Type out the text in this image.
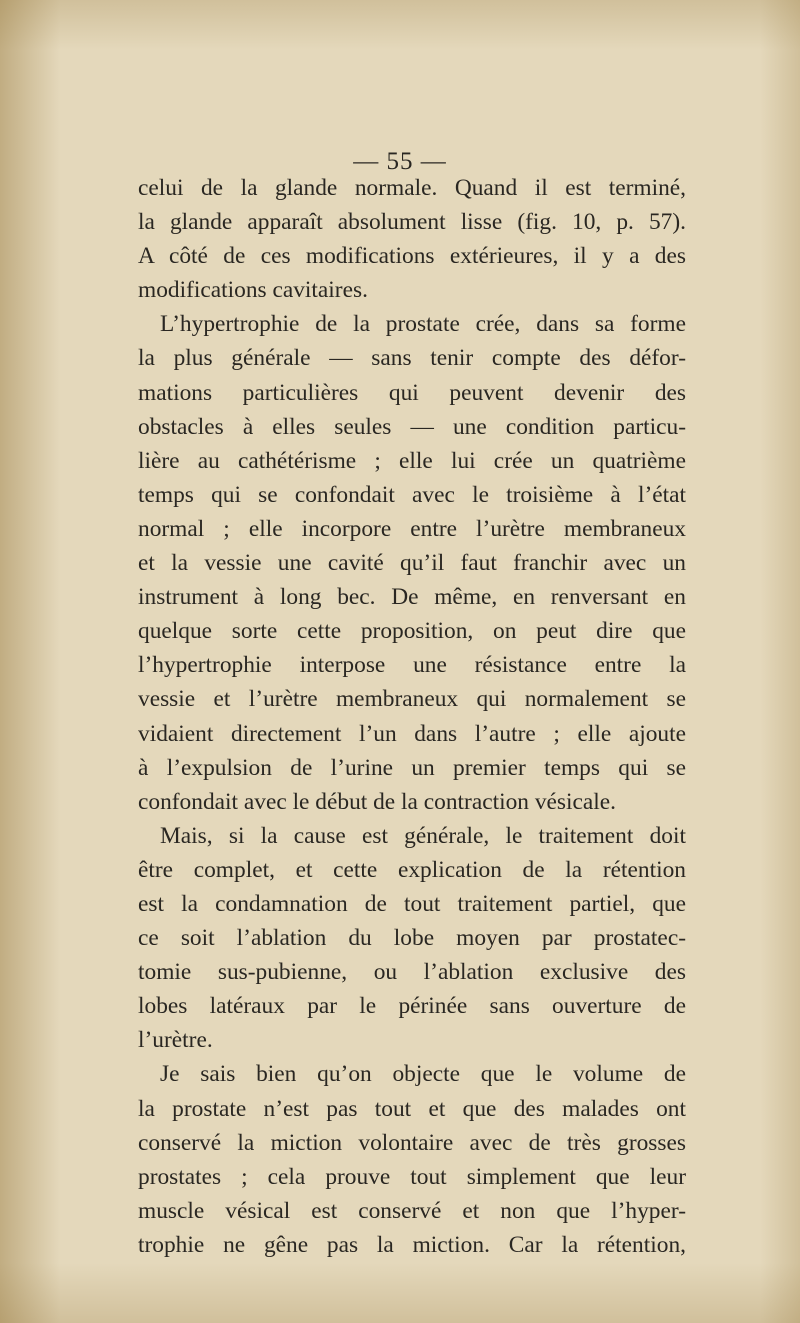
— 55 —
celui de la glande normale. Quand il est terminé,
la glande apparaît absolument lisse (fig. 10, p. 57).
A côté de ces modifications extérieures, il y a des
modifications cavitaires.
L’hypertrophie de la prostate crée, dans sa forme
la plus générale — sans tenir compte des défor-
mations particulières qui peuvent devenir des
obstacles à elles seules — une condition particu-
lière au cathétérisme ; elle lui crée un quatrième
temps qui se confondait avec le troisième à l’état
normal ; elle incorpore entre l’urètre membraneux
et la vessie une cavité qu’il faut franchir avec un
instrument à long bec. De même, en renversant en
quelque sorte cette proposition, on peut dire que
l’hypertrophie interpose une résistance entre la
vessie et l’urètre membraneux qui normalement se
vidaient directement l’un dans l’autre ; elle ajoute
à l’expulsion de l’urine un premier temps qui se
confondait avec le début de la contraction vésicale.
Mais, si la cause est générale, le traitement doit
être complet, et cette explication de la rétention
est la condamnation de tout traitement partiel, que
ce soit l’ablation du lobe moyen par prostatec-
tomie sus-pubienne, ou l’ablation exclusive des
lobes latéraux par le périnée sans ouverture de
l’urètre.
Je sais bien qu’on objecte que le volume de
la prostate n’est pas tout et que des malades ont
conservé la miction volontaire avec de très grosses
prostates ; cela prouve tout simplement que leur
muscle vésical est conservé et non que l’hyper-
trophie ne gêne pas la miction. Car la rétention,
